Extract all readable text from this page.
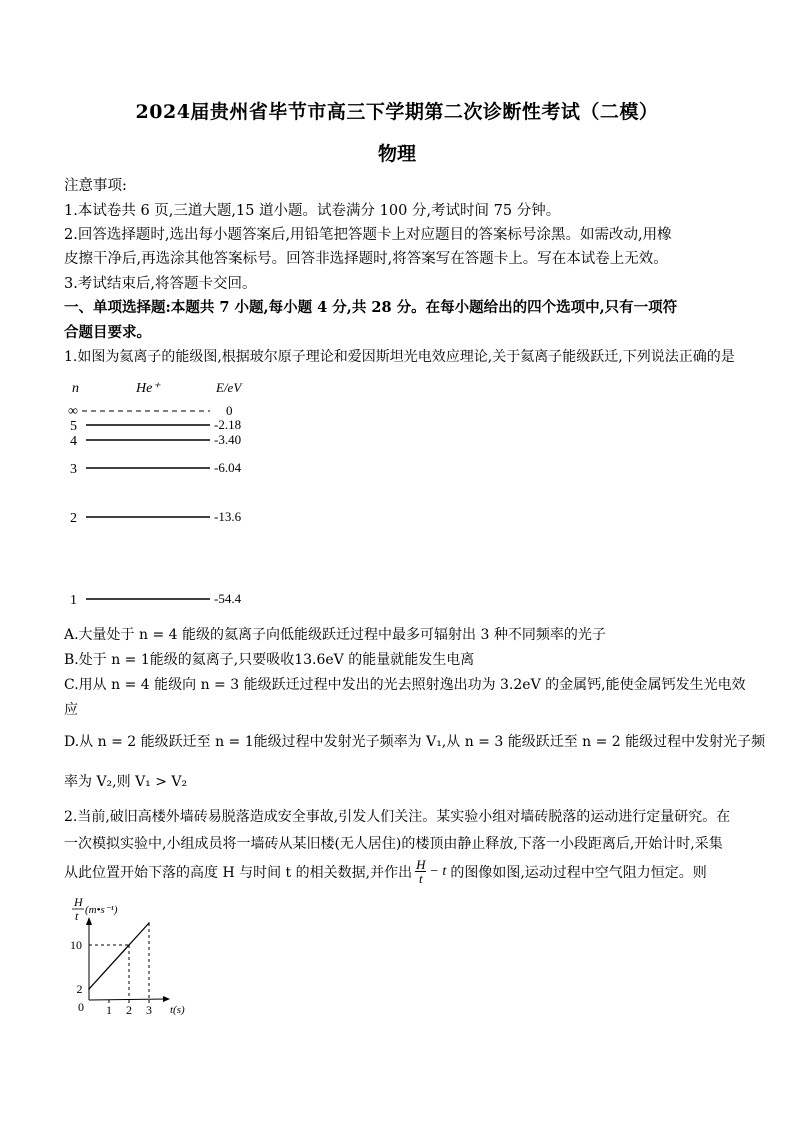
2024届贵州省毕节市高三下学期第二次诊断性考试（二模）
物理
注意事项:
1.本试卷共 6 页,三道大题,15 道小题。试卷满分 100 分,考试时间 75 分钟。
2.回答选择题时,选出每小题答案后,用铅笔把答题卡上对应题目的答案标号涂黑。如需改动,用橡
皮擦干净后,再选涂其他答案标号。回答非选择题时,将答案写在答题卡上。写在本试卷上无效。
3.考试结束后,将答题卡交回。
一、单项选择题:本题共 7 小题,每小题 4 分,共 28 分。在每小题给出的四个选项中,只有一项符
合题目要求。
1.如图为氦离子的能级图,根据玻尔原子理论和爱因斯坦光电效应理论,关于氦离子能级跃迁,下列说法正确的是
n	He⁺	E/eV
∞	0
5	-2.18
4	-3.40
3	-6.04
2	-13.6
1	-54.4
A.大量处于 n = 4 能级的氦离子向低能级跃迁过程中最多可辐射出 3 种不同频率的光子
B.处于 n = 1能级的氦离子,只要吸收13.6eV 的能量就能发生电离
C.用从 n = 4 能级向 n = 3 能级跃迁过程中发出的光去照射逸出功为 3.2eV 的金属钙,能使金属钙发生光电效
应
D.从 n = 2 能级跃迁至 n = 1能级过程中发射光子频率为 V₁,从 n = 3 能级跃迁至 n = 2 能级过程中发射光子频
率为 V₂,则 V₁ > V₂
2.当前,破旧高楼外墙砖易脱落造成安全事故,引发人们关注。某实验小组对墙砖脱落的运动进行定量研究。在
一次模拟实验中,小组成员将一墙砖从某旧楼(无人居住)的楼顶由静止释放,下落一小段距离后,开始计时,采集
从此位置开始下落的高度 H 与时间 t 的相关数据,并作出 $\frac{H}{t} - t$ 的图像如图,运动过程中空气阻力恒定。则
H
t (m•s⁻¹)
0	t(s)
1 2 3
2
10
